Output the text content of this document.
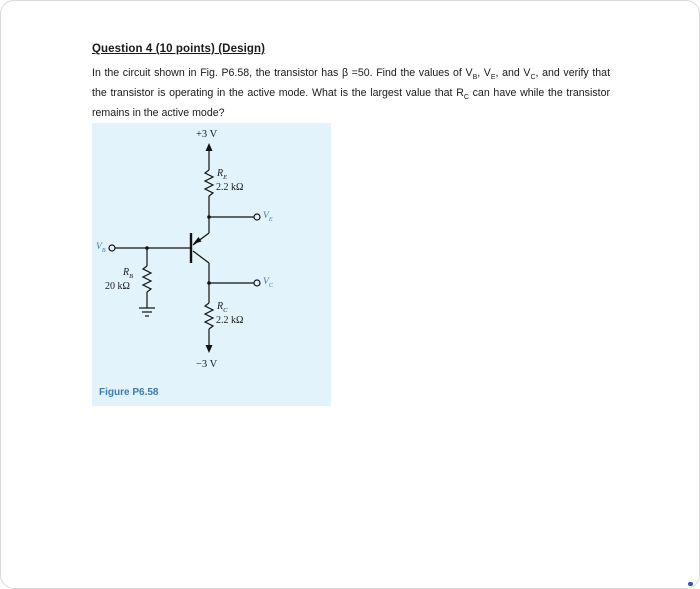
Question 4 (10 points) (Design)
In the circuit shown in Fig. P6.58, the transistor has β =50. Find the values of $V_B$, $V_E$, and $V_C$, and verify that the transistor is operating in the active mode. What is the largest value that $R_C$ can have while the transistor remains in the active mode?
+3 V
−3 V
$R_E$
2.2 kΩ
$R_C$
2.2 kΩ
$R_B$
20 kΩ
$V_E$
$V_C$
$V_B$
Figure P6.58
